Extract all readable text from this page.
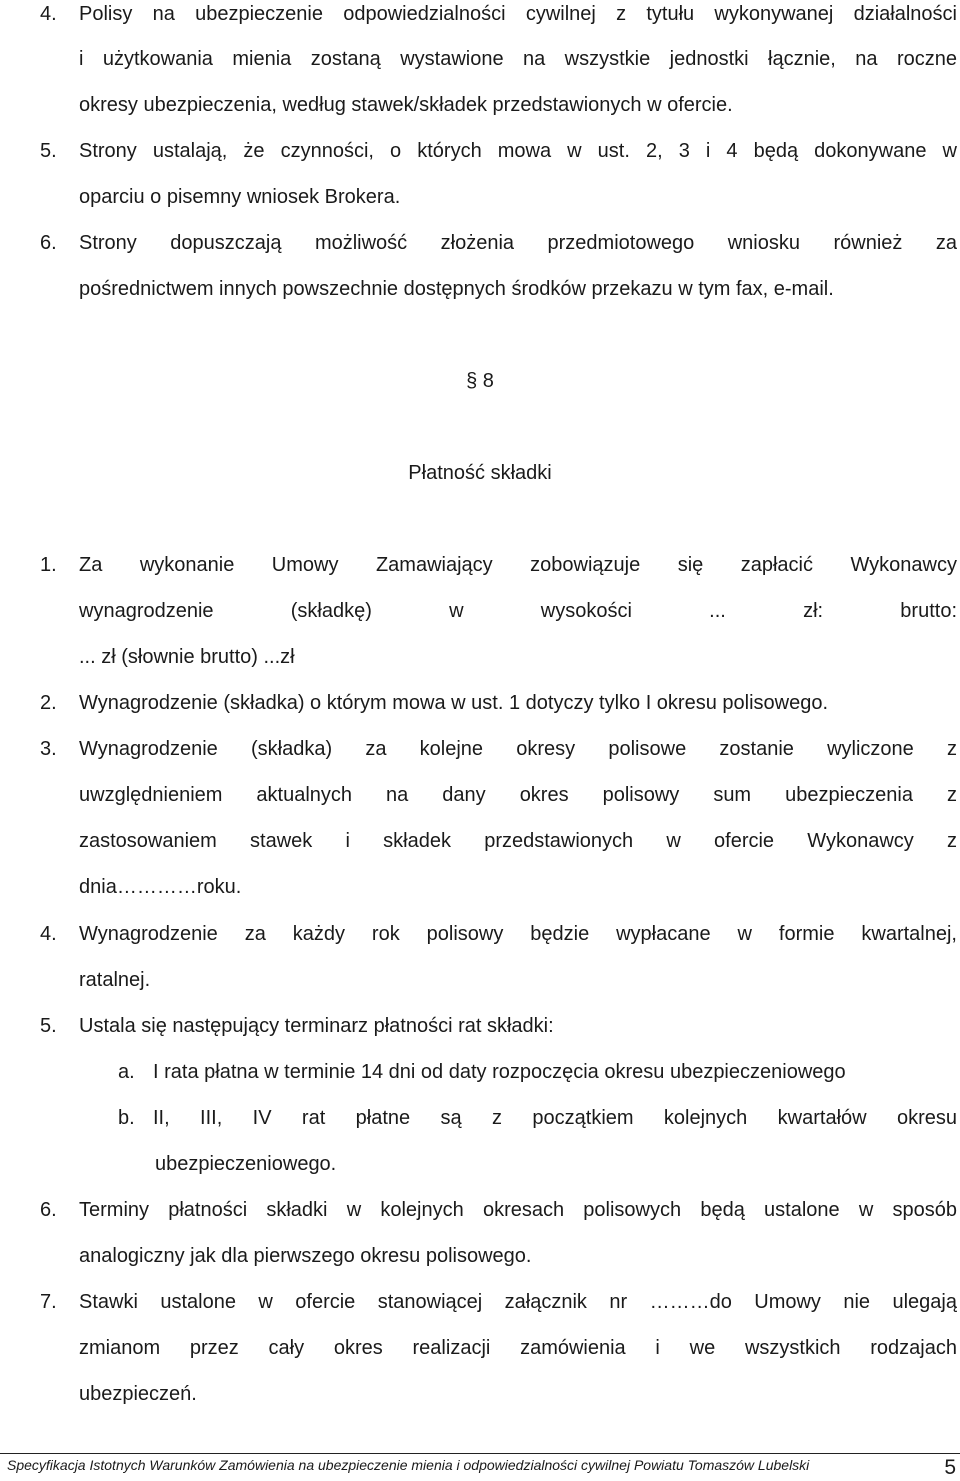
4. Polisy na ubezpieczenie odpowiedzialności cywilnej z tytułu wykonywanej działalności
i użytkowania mienia zostaną wystawione na wszystkie jednostki łącznie, na roczne
okresy ubezpieczenia, według stawek/składek przedstawionych w ofercie.
5. Strony ustalają, że czynności, o których mowa w ust. 2, 3 i 4 będą dokonywane w
oparciu o pisemny wniosek Brokera.
6. Strony dopuszczają możliwość złożenia przedmiotowego wniosku również za
pośrednictwem innych powszechnie dostępnych środków przekazu w tym fax, e-mail.
§ 8
Płatność składki
1. Za wykonanie Umowy Zamawiający zobowiązuje się zapłacić Wykonawcy
wynagrodzenie (składkę) w wysokości ... zł: brutto:
... zł (słownie brutto) ...zł
2. Wynagrodzenie (składka) o którym mowa w ust. 1 dotyczy tylko I okresu polisowego.
3. Wynagrodzenie (składka) za kolejne okresy polisowe zostanie wyliczone z
uwzględnieniem aktualnych na dany okres polisowy sum ubezpieczenia z
zastosowaniem stawek i składek przedstawionych w ofercie Wykonawcy z
dnia…………roku.
4. Wynagrodzenie za każdy rok polisowy będzie wypłacane w formie kwartalnej,
ratalnej.
5. Ustala się następujący terminarz płatności rat składki:
a. I rata płatna w terminie 14 dni od daty rozpoczęcia okresu ubezpieczeniowego
b. II, III, IV rat płatne są z początkiem kolejnych kwartałów okresu
ubezpieczeniowego.
6. Terminy płatności składki w kolejnych okresach polisowych będą ustalone w sposób
analogiczny jak dla pierwszego okresu polisowego.
7. Stawki ustalone w ofercie stanowiącej załącznik nr ………do Umowy nie ulegają
zmianom przez cały okres realizacji zamówienia i we wszystkich rodzajach
ubezpieczeń.
Specyfikacja Istotnych Warunków Zamówienia na ubezpieczenie mienia i odpowiedzialności cywilnej Powiatu Tomaszów Lubelski	5
